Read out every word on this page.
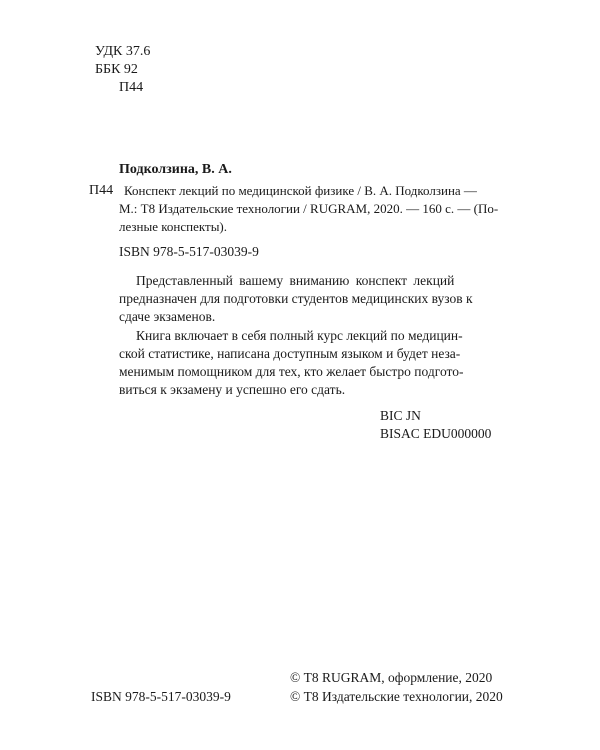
УДК 37.6
ББК 92
П44
Подколзина, В. А.
П44 Конспект лекций по медицинской физике / В. А. Подколзина —
М.: Т8 Издательские технологии / RUGRAM, 2020. — 160 с. — (По-
лезные конспекты).
ISBN 978-5-517-03039-9
Представленный вашему вниманию конспект лекций
предназначен для подготовки студентов медицинских вузов к
сдаче экзаменов.
Книга включает в себя полный курс лекций по медицин-
ской статистике, написана доступным языком и будет неза-
менимым помощником для тех, кто желает быстро подгото-
виться к экзамену и успешно его сдать.
BIC JN
BISAC EDU000000
© Т8 RUGRAM, оформление, 2020
ISBN 978-5-517-03039-9	© Т8 Издательские технологии, 2020
